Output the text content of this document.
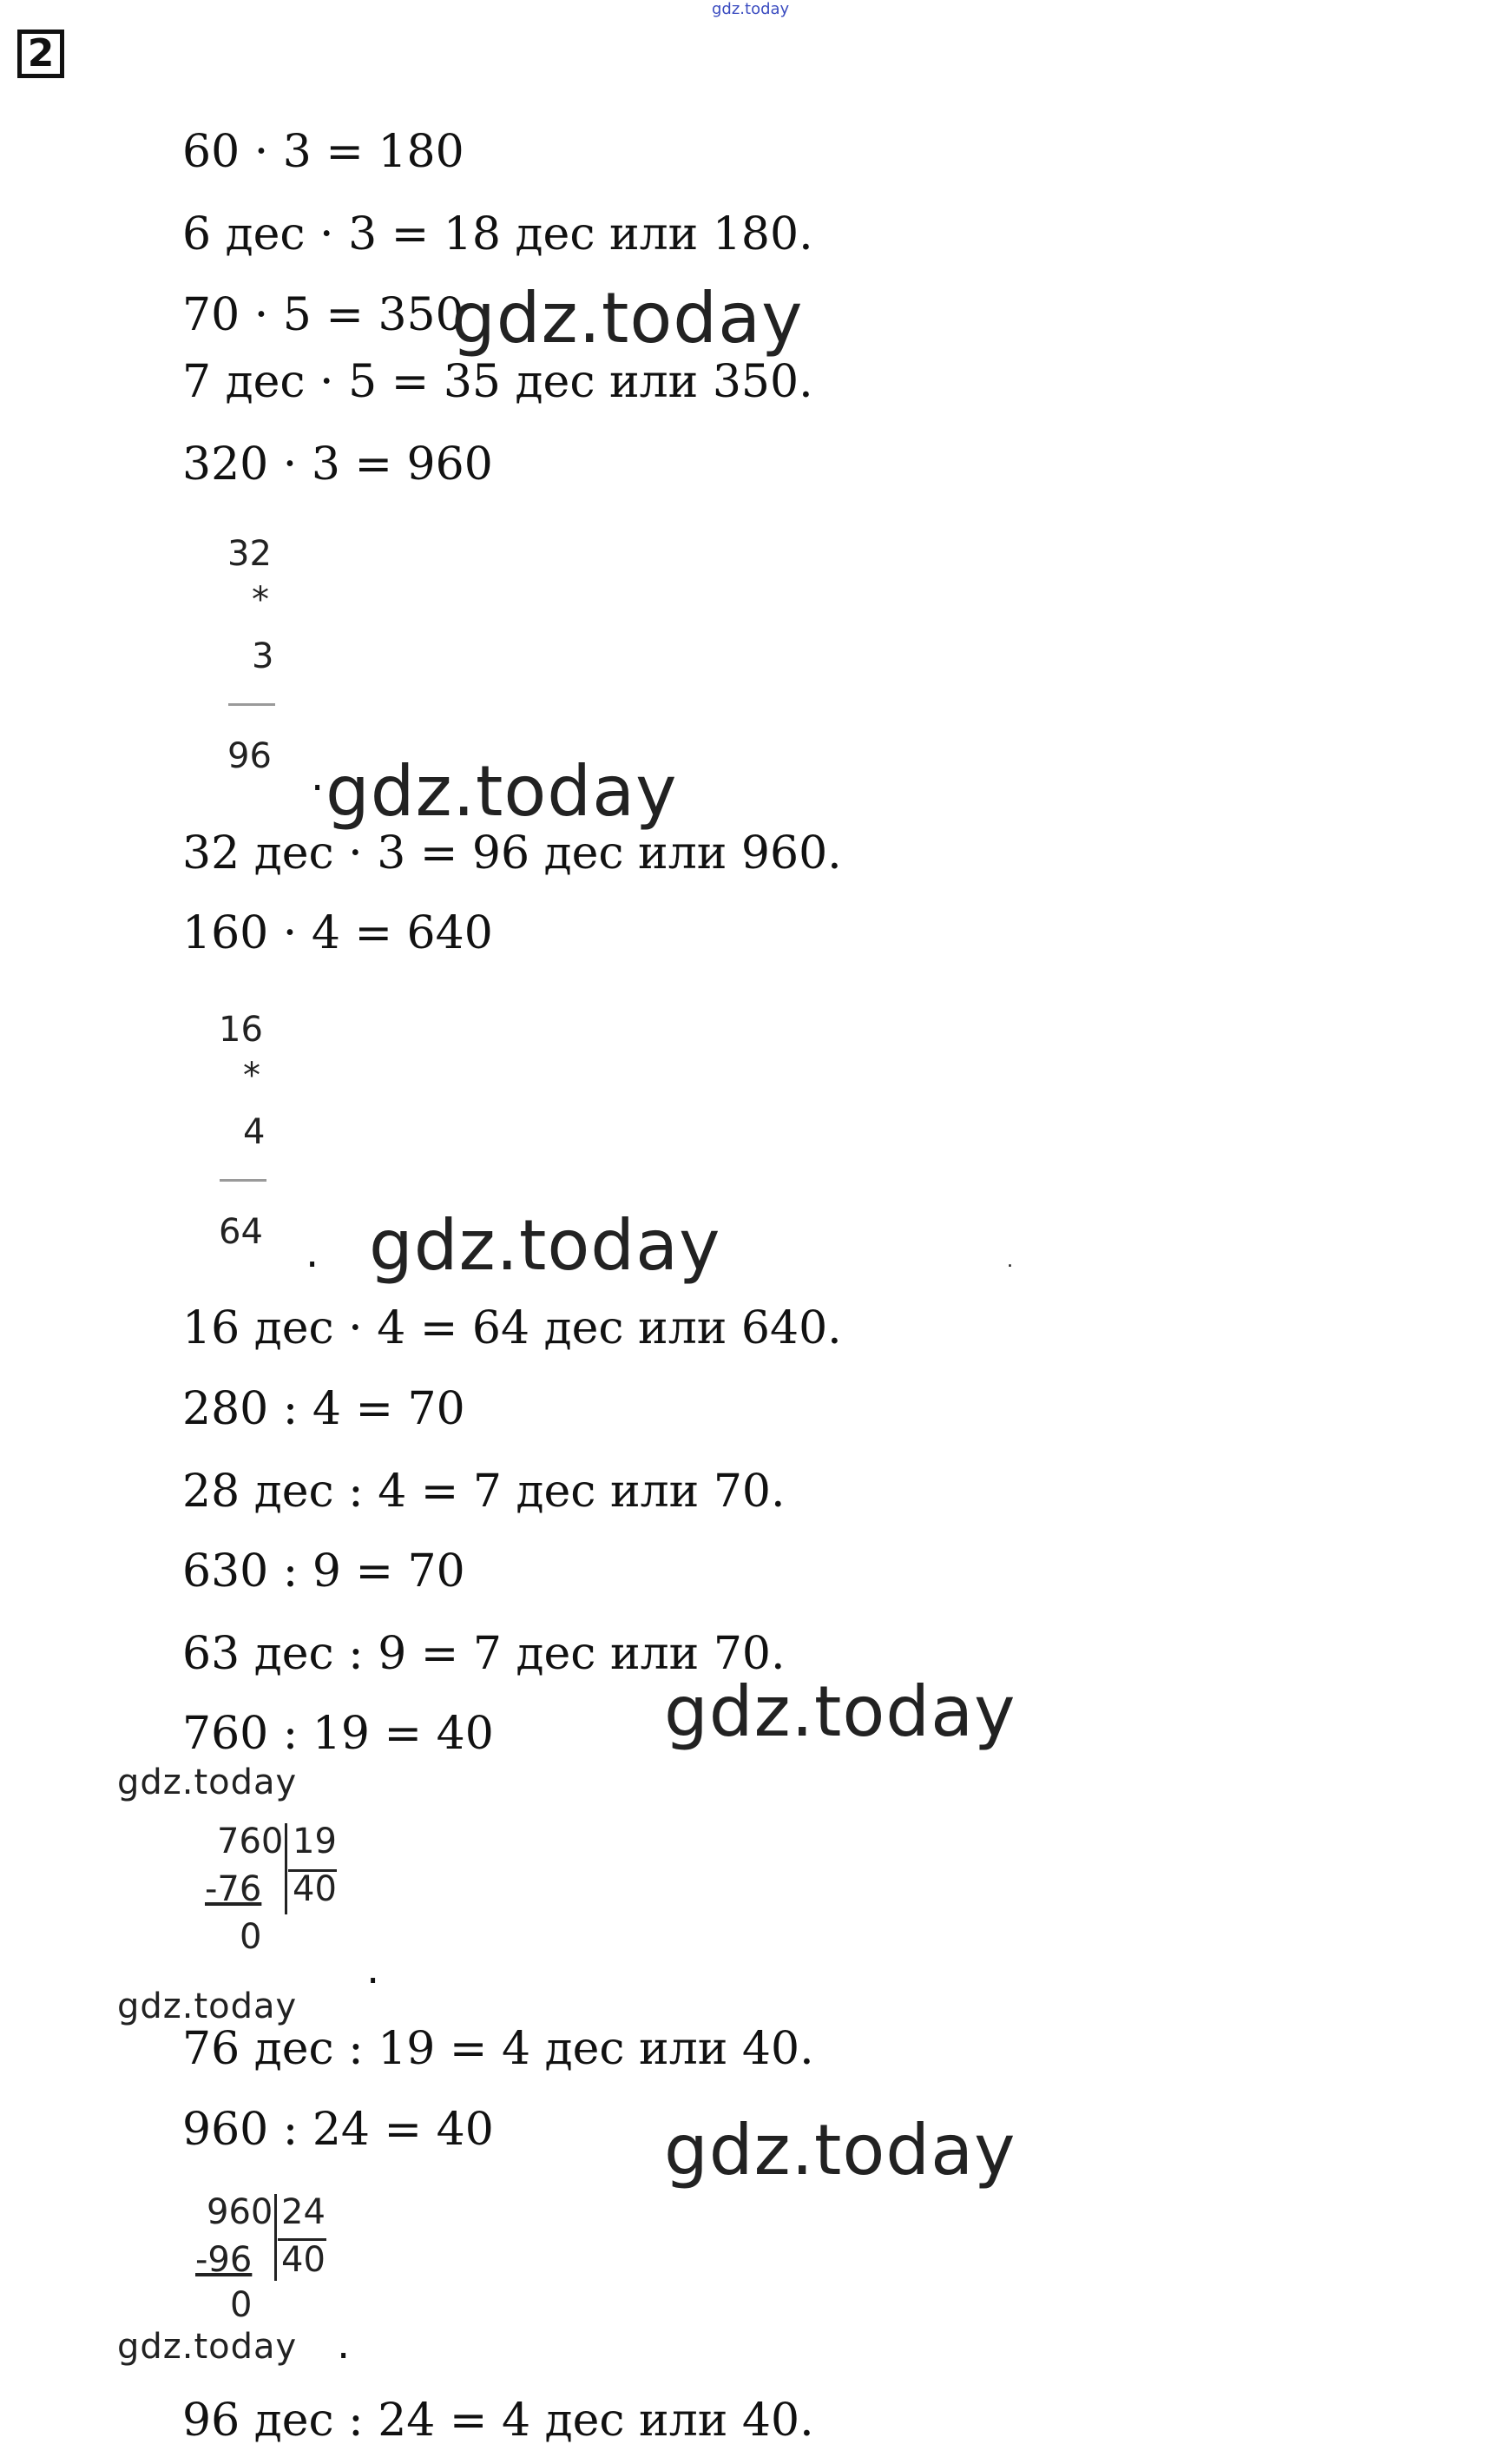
2
gdz.today
60 · 3 = 180
6 дес · 3 = 18 дес или 180.
70 · 5 = 350
7 дес · 5 = 35 дес или 350.
320 · 3 = 960
32
*
3
96
·
32 дес · 3 = 96 дес или 960.
160 · 4 = 640
16
*
4
64 .
16 дес · 4 = 64 дес или 640.
280 : 4 = 70
28 дес : 4 = 7 дес или 70.
630 : 9 = 70
63 дес : 9 = 7 дес или 70.
760 : 19 = 40
760 19
-76 40
0
.
76 дес : 19 = 4 дес или 40.
960 : 24 = 40
960 24
-96 40
0
.
96 дес : 24 = 4 дес или 40.
.
gdz.today
gdz.today
gdz.today
gdz.today
gdz.today
gdz.today
gdz.today
gdz.today
